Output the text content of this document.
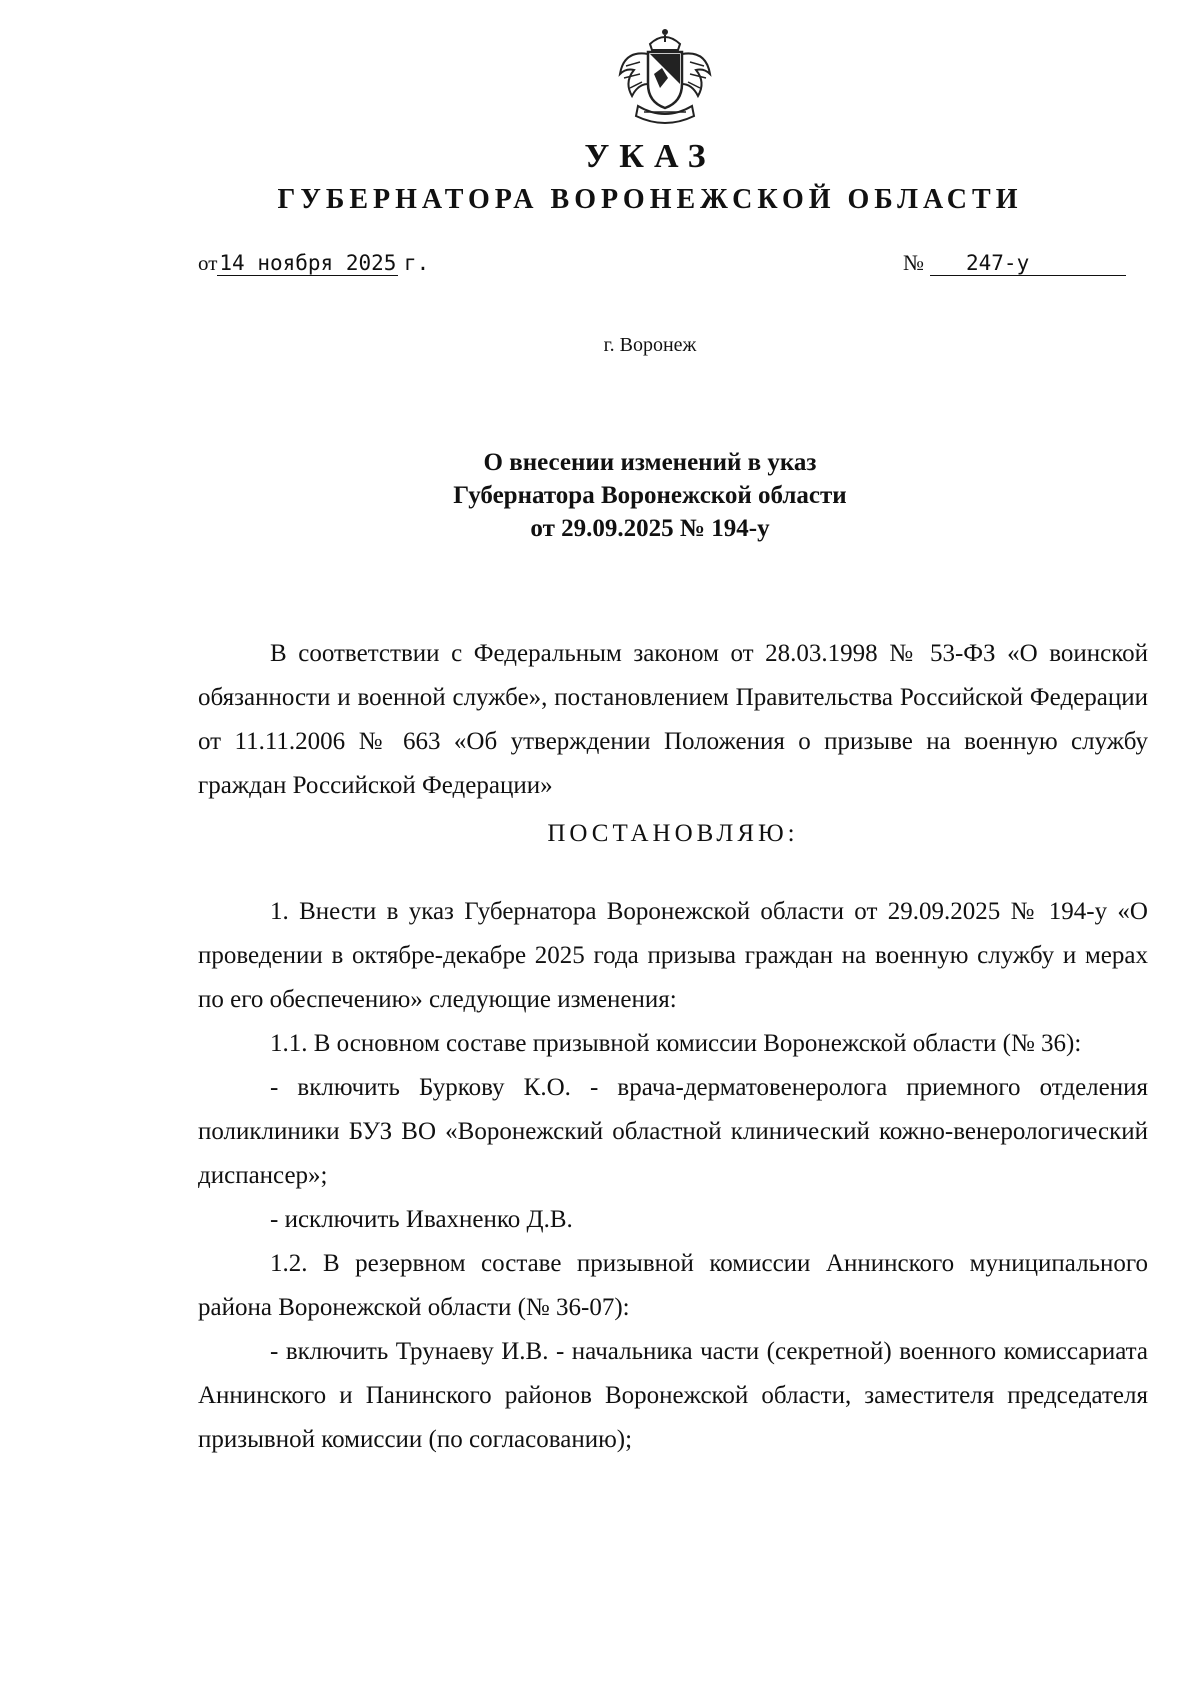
УКАЗ
ГУБЕРНАТОРА ВОРОНЕЖСКОЙ ОБЛАСТИ
от14 ноября 2025 г.	№ 247-у
г. Воронеж
О внесении изменений в указ
Губернатора Воронежской области
от 29.09.2025 № 194-у

В соответствии с Федеральным законом от 28.03.1998 № 53-ФЗ «О воинской обязанности и военной службе», постановлением Правительства Российской Федерации от 11.11.2006 № 663 «Об утверждении Положения о призыве на военную службу граждан Российской Федерации»

ПОСТАНОВЛЯЮ:

1. Внести в указ Губернатора Воронежской области от 29.09.2025 № 194-у «О проведении в октябре-декабре 2025 года призыва граждан на военную службу и мерах по его обеспечению» следующие изменения:

1.1. В основном составе призывной комиссии Воронежской области (№ 36):

- включить Буркову К.О. - врача-дерматовенеролога приемного отделения поликлиники БУЗ ВО «Воронежский областной клинический кожно-венерологический диспансер»;

- исключить Ивахненко Д.В.

1.2. В резервном составе призывной комиссии Аннинского муниципального района Воронежской области (№ 36-07):

- включить Трунаеву И.В. - начальника части (секретной) военного комиссариата Аннинского и Панинского районов Воронежской области, заместителя председателя призывной комиссии (по согласованию);
